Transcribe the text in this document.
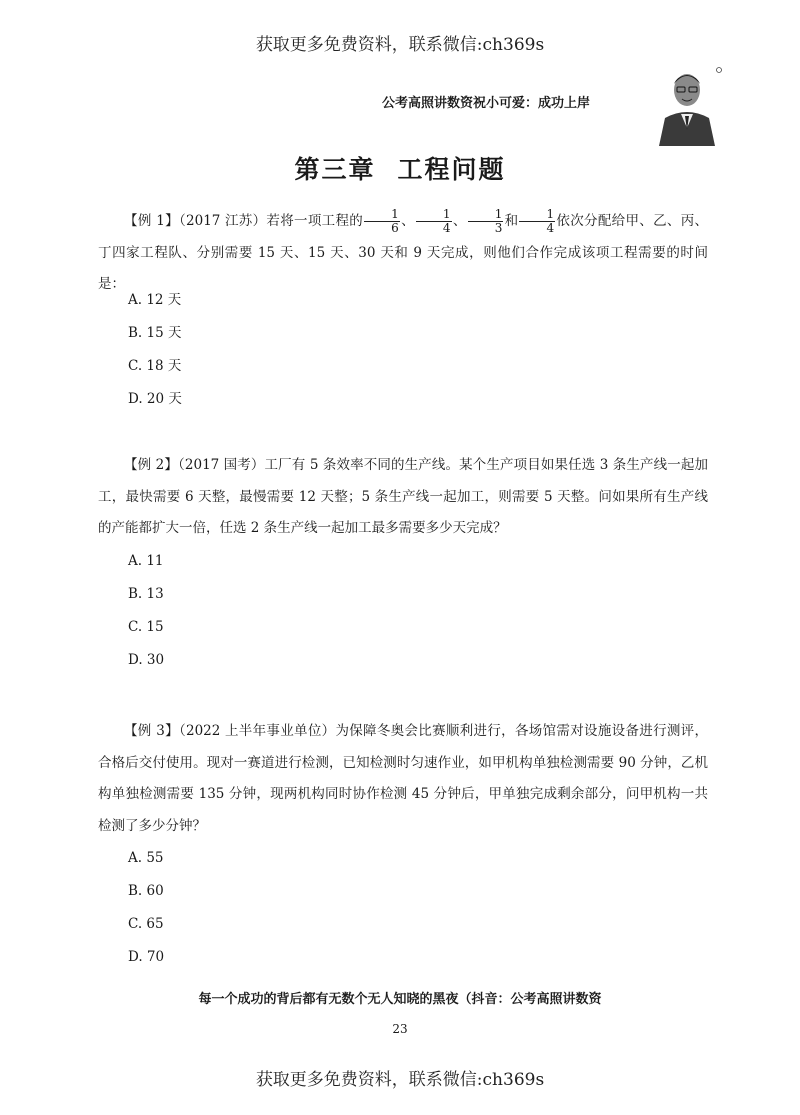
获取更多免费资料，联系微信:ch369s
公考高照讲数资祝小可爱：成功上岸
第三章 工程问题

【例 1】（2017 江苏）若将一项工程的 $\frac{1}{6}$ 、 $\frac{1}{4}$ 、 $\frac{1}{3}$ 和 $\frac{1}{4}$ 依次分配给甲、乙、丙、丁四家工程队、分别需要 15 天、15 天、30 天和 9 天完成，则他们合作完成该项工程需要的时间是：

A. 12 天
B. 15 天
C. 18 天
D. 20 天

【例 2】（2017 国考）工厂有 5 条效率不同的生产线。某个生产项目如果任选 3 条生产线一起加工，最快需要 6 天整，最慢需要 12 天整；5 条生产线一起加工，则需要 5 天整。问如果所有生产线的产能都扩大一倍，任选 2 条生产线一起加工最多需要多少天完成？

A. 11
B. 13
C. 15
D. 30

【例 3】（2022 上半年事业单位）为保障冬奥会比赛顺利进行，各场馆需对设施设备进行测评，合格后交付使用。现对一赛道进行检测，已知检测时匀速作业，如甲机构单独检测需要 90 分钟，乙机构单独检测需要 135 分钟，现两机构同时协作检测 45 分钟后，甲单独完成剩余部分，问甲机构一共检测了多少分钟？

A. 55
B. 60
C. 65
D. 70
每一个成功的背后都有无数个无人知晓的黑夜（抖音：公考高照讲数资
23
获取更多免费资料，联系微信:ch369s
